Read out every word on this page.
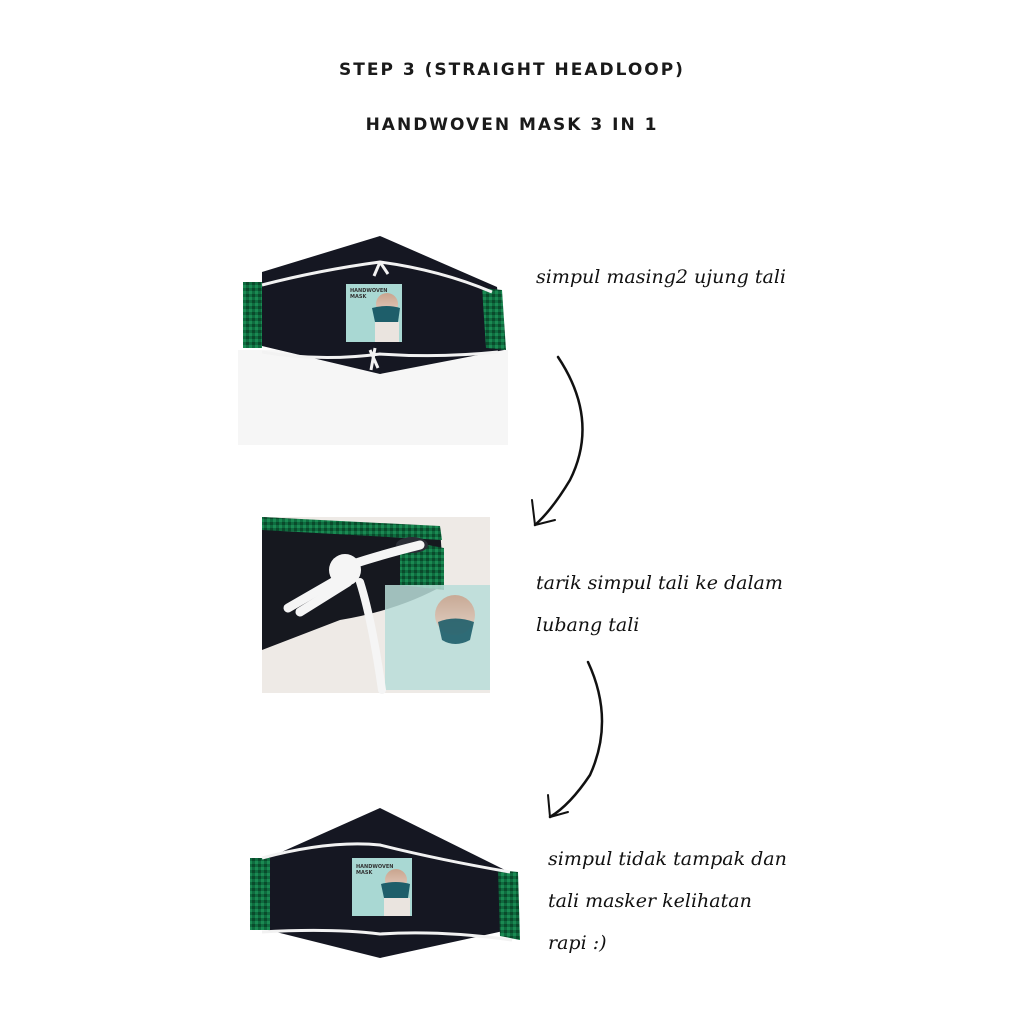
STEP 3 (STRAIGHT HEADLOOP)
HANDWOVEN MASK 3 IN 1
HANDWOVEN
MASK
HANDWOVEN
MASK
simpul masing2 ujung tali
tarik simpul tali ke dalam
lubang tali
simpul tidak tampak dan
tali masker kelihatan
rapi :)
